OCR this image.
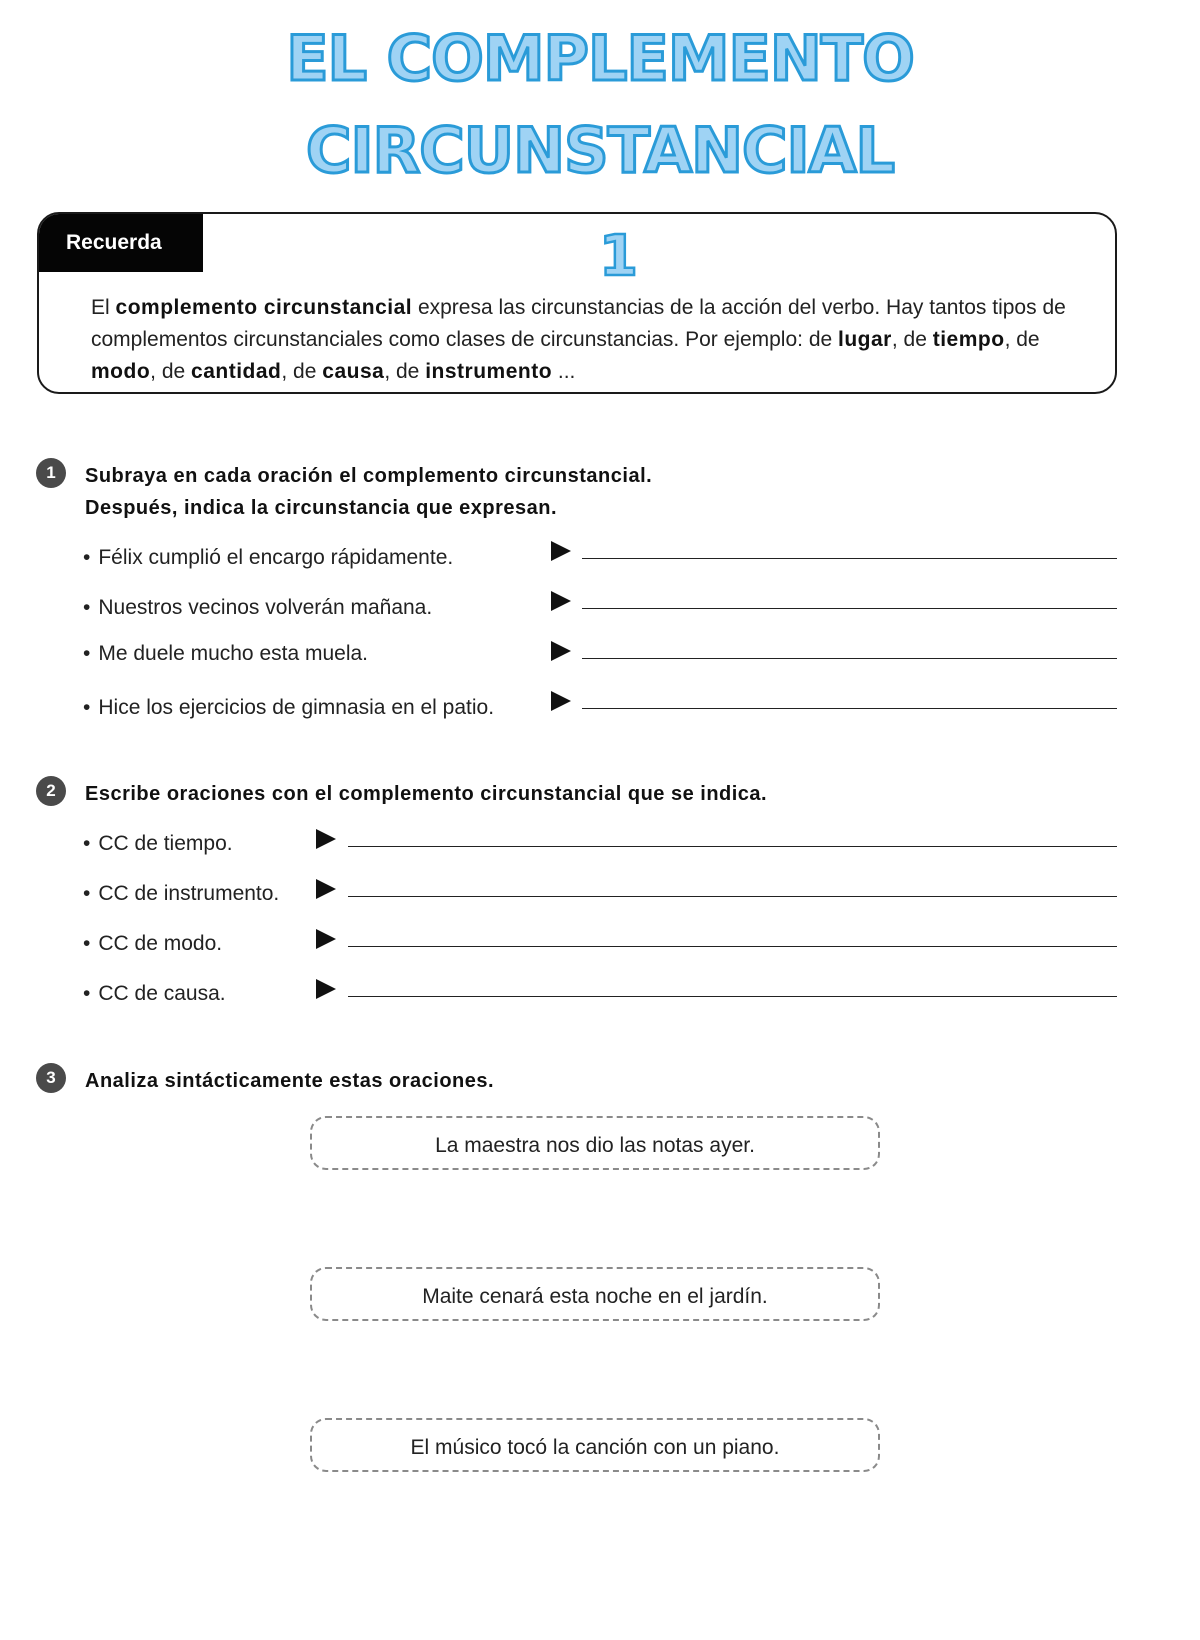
EL COMPLEMENTO
CIRCUNSTANCIAL
Recuerda	1
El complemento circunstancial expresa las circunstancias de la acción del verbo. Hay tantos tipos de complementos circunstanciales como clases de circunstancias. Por ejemplo: de lugar, de tiempo, de modo, de cantidad, de causa, de instrumento ...
1	Subraya en cada oración el complemento circunstancial.
Después, indica la circunstancia que expresan.
• Félix cumplió el encargo rápidamente.
• Nuestros vecinos volverán mañana.
• Me duele mucho esta muela.
• Hice los ejercicios de gimnasia en el patio.
2	Escribe oraciones con el complemento circunstancial que se indica.
• CC de tiempo.
• CC de instrumento.
• CC de modo.
• CC de causa.
3	Analiza sintácticamente estas oraciones.
La maestra nos dio las notas ayer.
Maite cenará esta noche en el jardín.
El músico tocó la canción con un piano.
